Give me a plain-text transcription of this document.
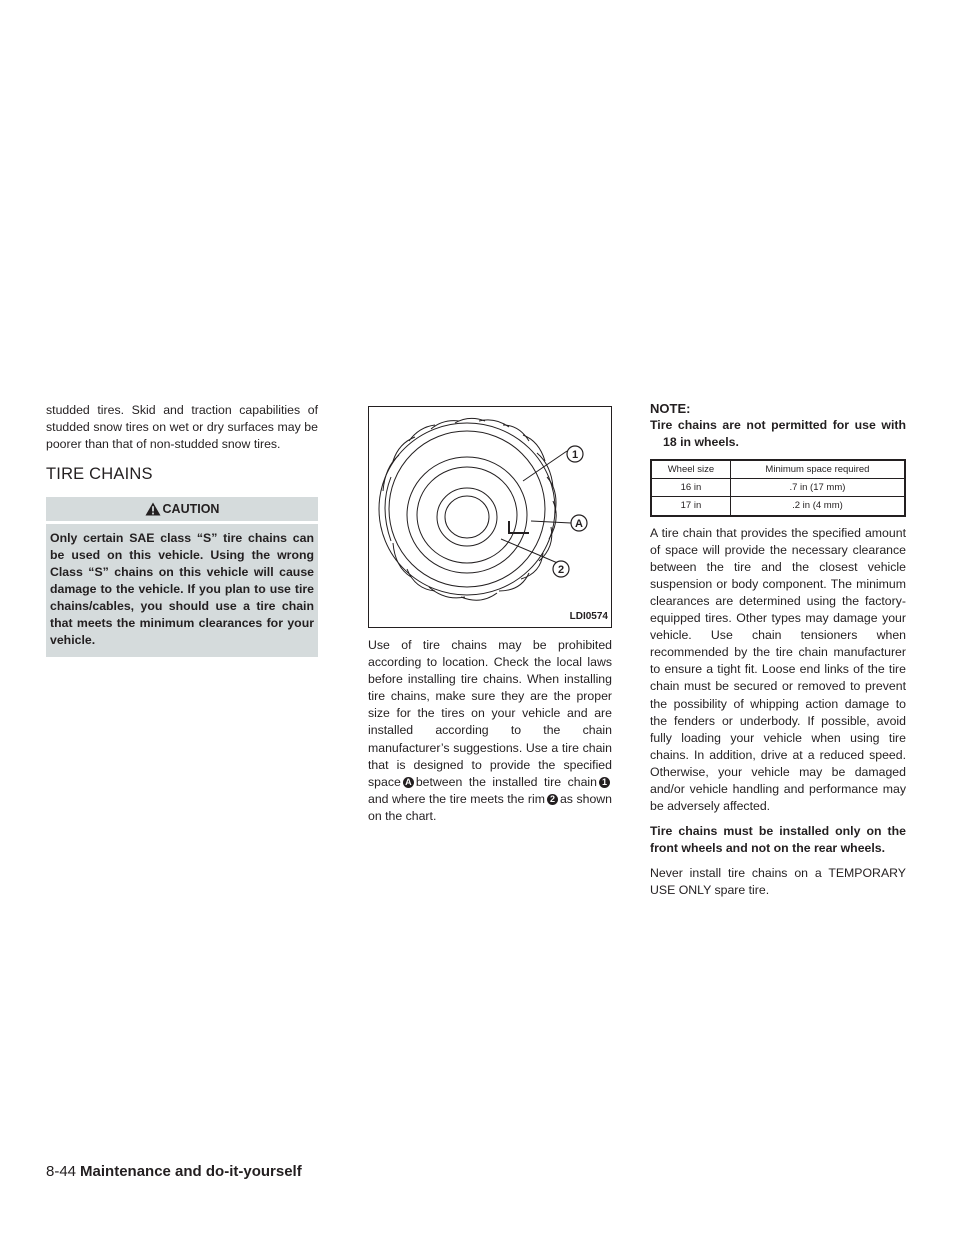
studded tires. Skid and traction capabilities of studded snow tires on wet or dry surfaces may be poorer than that of non-studded snow tires.

TIRE CHAINS
CAUTION
Only certain SAE class “S” tire chains can be used on this vehicle. Using the wrong Class “S” chains on this vehicle will cause damage to the vehicle. If you plan to use tire chains/cables, you should use a tire chain that meets the minimum clearances for your vehicle.
1
A
2
LDI0574

Use of tire chains may be prohibited according to location. Check the local laws before installing tire chains. When installing tire chains, make sure they are the proper size for the tires on your vehicle and are installed according to the chain manufacturer’s suggestions. Use a tire chain that is designed to provide the specified space A between the installed tire chain 1and where the tire meets the rim 2 as shown on the chart.

NOTE:

Tire chains are not permitted for use with 18 in wheels.

Wheel size	Minimum space required
16 in	.7 in (17 mm)
17 in	.2 in (4 mm)

A tire chain that provides the specified amount of space will provide the necessary clearance between the tire and the closest vehicle suspension or body component. The minimum clearances are determined using the factory-equipped tires. Other types may damage your vehicle. Use chain tensioners when recommended by the tire chain manufacturer to ensure a tight fit. Loose end links of the tire chain must be secured or removed to prevent the possibility of whipping action damage to the fenders or underbody. If possible, avoid fully loading your vehicle when using tire chains. In addition, drive at a reduced speed. Otherwise, your vehicle may be damaged and/or vehicle handling and performance may be adversely affected.

Tire chains must be installed only on the front wheels and not on the rear wheels.

Never install tire chains on a TEMPORARY USE ONLY spare tire.

8-44 Maintenance and do-it-yourself
